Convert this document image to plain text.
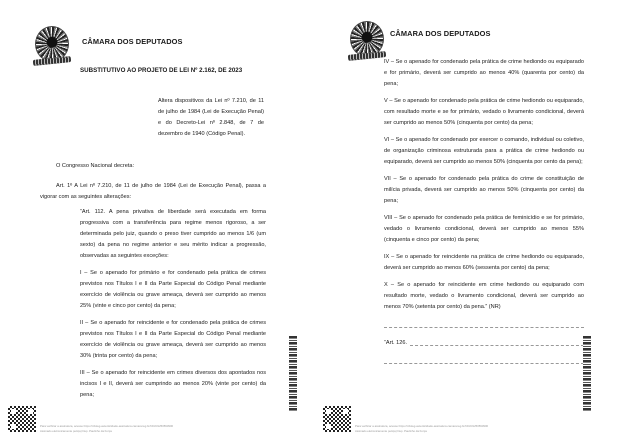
CÂMARA DOS DEPUTADOS
SUBSTITUTIVO AO PROJETO DE LEI Nº 2.162, DE 2023
Altera dispositivos da Lei nº 7.210, de 11 de julho de 1984 (Lei de Execução Penal) e do Decreto-Lei nº 2.848, de 7 de dezembro de 1940 (Código Penal).
O Congresso Nacional decreta:
Art. 1º A Lei nº 7.210, de 11 de julho de 1984 (Lei de Execução Penal), passa a vigorar com as seguintes alterações:

“Art. 112. A pena privativa de liberdade será executada em forma progressiva com a transferência para regime menos rigoroso, a ser determinada pelo juiz, quando o preso tiver cumprido ao menos 1/6 (um sexto) da pena no regime anterior e seu mérito indicar a progressão, observadas as seguintes exceções:

I – Se o apenado for primário e for condenado pela prática de crimes previstos nos Títulos I e II da Parte Especial do Código Penal mediante exercício de violência ou grave ameaça, deverá ser cumprido ao menos 25% (vinte e cinco por cento) da pena;

II – Se o apenado for reincidente e for condenado pela prática de crimes previstos nos Títulos I e II da Parte Especial do Código Penal mediante exercício de violência ou grave ameaça, deverá ser cumprido ao menos 30% (trinta por cento) da pena;

III – Se o apenado for reincidente em crimes diversos dos apontados nos incisos I e II, deverá ser cumprindo ao menos 20% (vinte por cento) da pena;

Para verificar a assinatura, acesse https://infoleg-autenticidade-assinatura.camara.leg.br/CD231250593900
Assinado eletronicamente pelo(a) Dep. Paulinho da Força
CÂMARA DOS DEPUTADOS

IV – Se o apenado for condenado pela prática de crime hediondo ou equiparado e for primário, deverá ser cumprido ao menos 40% (quarenta por cento) da pena;

V – Se o apenado for condenado pela prática de crime hediondo ou equiparado, com resultado morte e se for primário, vedado o livramento condicional, deverá ser cumprido ao menos 50% (cinquenta por cento) da pena;

VI – Se o apenado for condenado por exercer o comando, individual ou coletivo, de organização criminosa estruturada para a prática de crime hediondo ou equiparado, deverá ser cumprido ao menos 50% (cinquenta por cento da pena);

VII – Se o apenado for condenado pela prática do crime de constituição de milícia privada, deverá ser cumprido ao menos 50% (cinquenta por cento) da pena;

VIII – Se o apenado for condenado pela prática de feminicídio e se for primário, vedado o livramento condicional, deverá ser cumprido ao menos 55% (cinquenta e cinco por cento) da pena;

IX – Se o apenado for reincidente na prática de crime hediondo ou equiparado, deverá ser cumprido ao menos 60% (sessenta por cento) da pena;

X – Se o apenado for reincidente em crime hediondo ou equiparado com resultado morte, vedado o livramento condicional, deverá ser cumprido ao menos 70% (setenta por cento) da pena.” (NR)

“Art. 126.
Para verificar a assinatura, acesse https://infoleg-autenticidade-assinatura.camara.leg.br/CD231250593900
Assinado eletronicamente pelo(a) Dep. Paulinho da Força
